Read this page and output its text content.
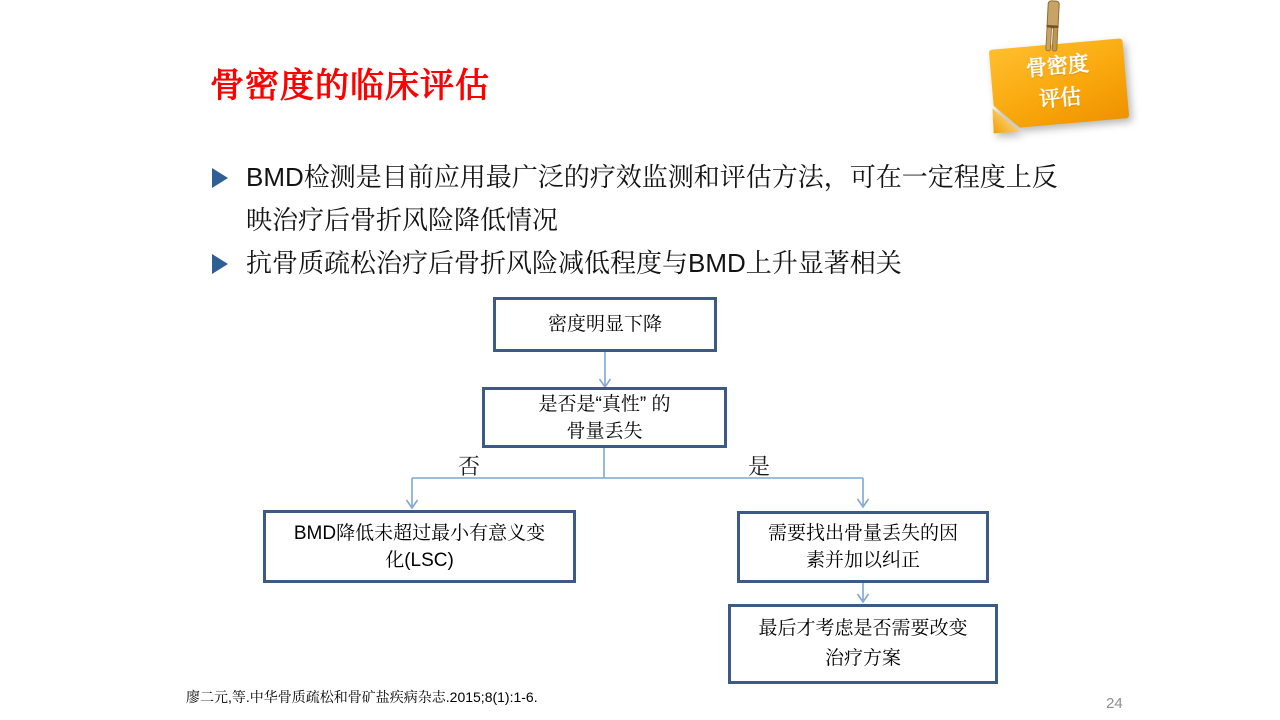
骨密度的临床评估
骨密度
评估
BMD检测是目前应用最广泛的疗效监测和评估方法，可在一定程度上反映治疗后骨折风险降低情况
抗骨质疏松治疗后骨折风险减低程度与BMD上升显著相关
否	是
密度明显下降
是否是“真性” 的
骨量丢失
BMD降低未超过最小有意义变
化(LSC)
需要找出骨量丢失的因
素并加以纠正
最后才考虑是否需要改变
治疗方案
廖二元,等.中华骨质疏松和骨矿盐疾病杂志.2015;8(1):1-6.	24
